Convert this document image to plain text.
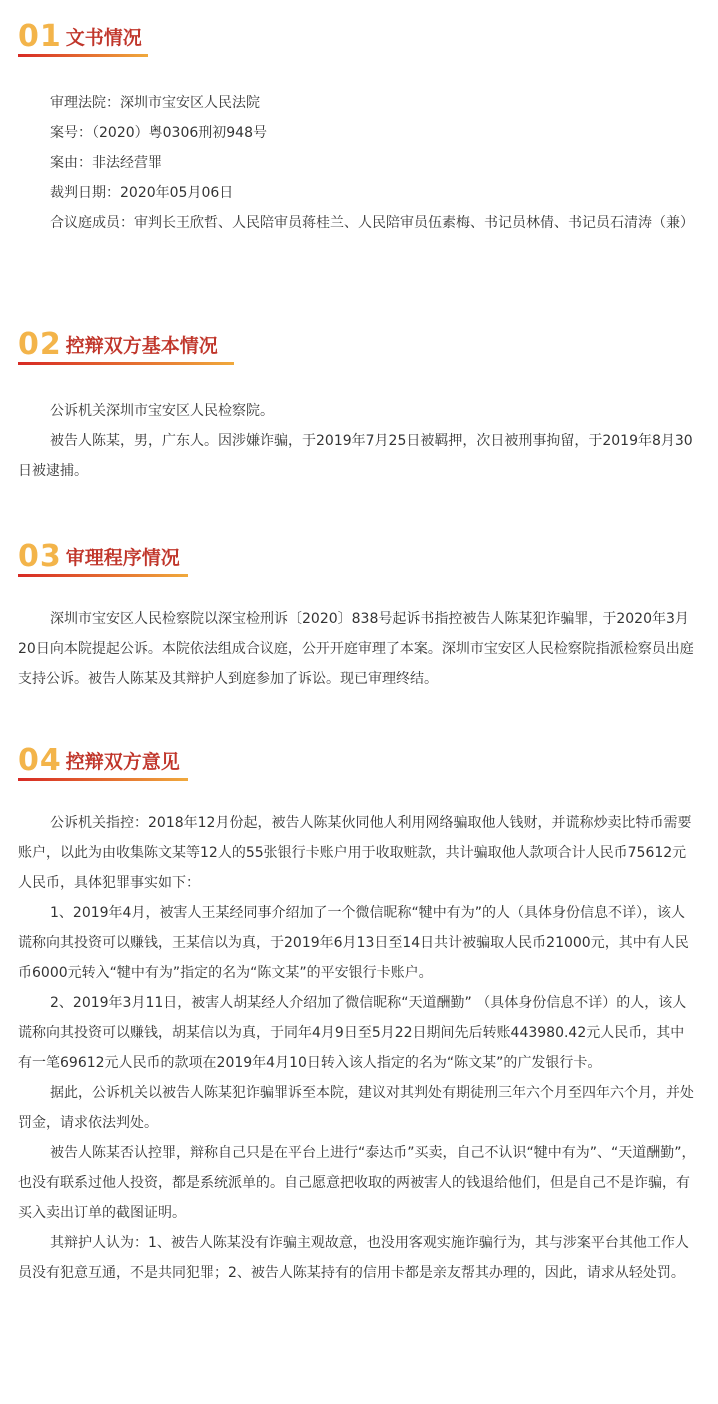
01 文书情况

审理法院：深圳市宝安区人民法院

案号：（2020）粤0306刑初948号

案由：非法经营罪

裁判日期：2020年05月06日

合议庭成员：审判长王欣哲、人民陪审员蒋桂兰、人民陪审员伍素梅、书记员林倩、书记员石清涛（兼）

02 控辩双方基本情况

公诉机关深圳市宝安区人民检察院。

被告人陈某，男，广东人。因涉嫌诈骗，于2019年7月25日被羁押，次日被刑事拘留，于2019年8月30日被逮捕。

03 审理程序情况

深圳市宝安区人民检察院以深宝检刑诉〔2020〕838号起诉书指控被告人陈某犯诈骗罪，于2020年3月20日向本院提起公诉。本院依法组成合议庭，公开开庭审理了本案。深圳市宝安区人民检察院指派检察员出庭支持公诉。被告人陈某及其辩护人到庭参加了诉讼。现已审理终结。

04 控辩双方意见

公诉机关指控：2018年12月份起，被告人陈某伙同他人利用网络骗取他人钱财，并谎称炒卖比特币需要账户，以此为由收集陈文某等12人的55张银行卡账户用于收取赃款，共计骗取他人款项合计人民币75612元人民币，具体犯罪事实如下：

1、2019年4月，被害人王某经同事介绍加了一个微信昵称“犍中有为”的人（具体身份信息不详），该人谎称向其投资可以赚钱，王某信以为真，于2019年6月13日至14日共计被骗取人民币21000元，其中有人民币6000元转入“犍中有为”指定的名为“陈文某”的平安银行卡账户。

2、2019年3月11日，被害人胡某经人介绍加了微信昵称“天道酬勤” （具体身份信息不详）的人，该人谎称向其投资可以赚钱，胡某信以为真，于同年4月9日至5月22日期间先后转账443980.42元人民币，其中有一笔69612元人民币的款项在2019年4月10日转入该人指定的名为“陈文某”的广发银行卡。

据此，公诉机关以被告人陈某犯诈骗罪诉至本院，建议对其判处有期徒刑三年六个月至四年六个月，并处罚金，请求依法判处。

被告人陈某否认控罪，辩称自己只是在平台上进行“泰达币”买卖，自己不认识“犍中有为”、“天道酬勤”，也没有联系过他人投资，都是系统派单的。自己愿意把收取的两被害人的钱退给他们，但是自己不是诈骗，有买入卖出订单的截图证明。

其辩护人认为：1、被告人陈某没有诈骗主观故意，也没用客观实施诈骗行为，其与涉案平台其他工作人员没有犯意互通，不是共同犯罪；2、被告人陈某持有的信用卡都是亲友帮其办理的，因此，请求从轻处罚。
